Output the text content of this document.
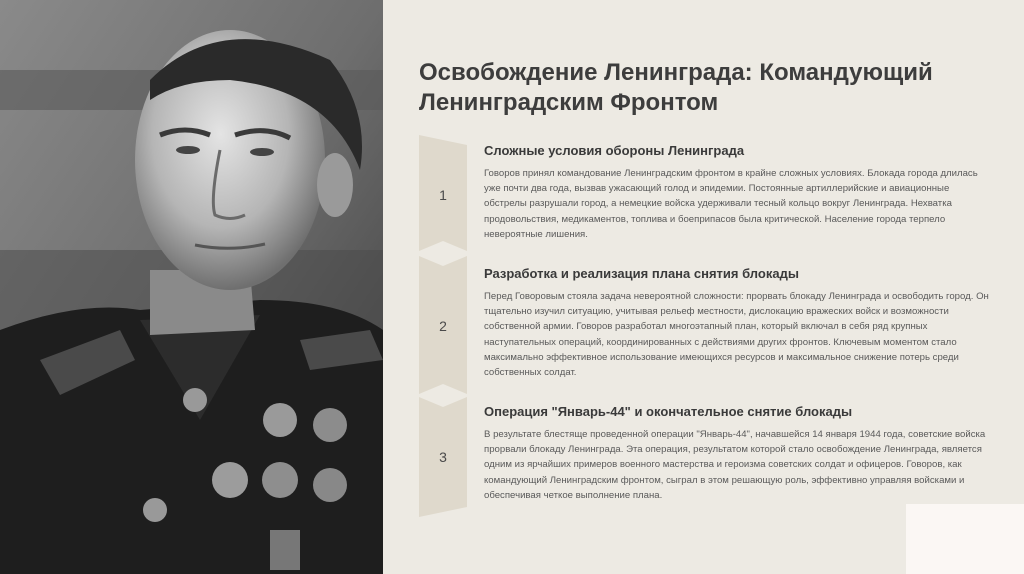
Освобождение Ленинграда: Командующий Ленинградским Фронтом
1
Сложные условия обороны Ленинграда
Говоров принял командование Ленинградским фронтом в крайне сложных условиях. Блокада города длилась уже почти два года, вызвав ужасающий голод и эпидемии. Постоянные артиллерийские и авиационные обстрелы разрушали город, а немецкие войска удерживали тесный кольцо вокруг Ленинграда. Нехватка продовольствия, медикаментов, топлива и боеприпасов была критической. Население города терпело невероятные лишения.
2
Разработка и реализация плана снятия блокады
Перед Говоровым стояла задача невероятной сложности: прорвать блокаду Ленинграда и освободить город. Он тщательно изучил ситуацию, учитывая рельеф местности, дислокацию вражеских войск и возможности собственной армии. Говоров разработал многоэтапный план, который включал в себя ряд крупных наступательных операций, координированных с действиями других фронтов. Ключевым моментом стало максимально эффективное использование имеющихся ресурсов и максимальное снижение потерь среди собственных солдат.
3
Операция "Январь-44" и окончательное снятие блокады
В результате блестяще проведенной операции "Январь-44", начавшейся 14 января 1944 года, советские войска прорвали блокаду Ленинграда. Эта операция, результатом которой стало освобождение Ленинграда, является одним из ярчайших примеров военного мастерства и героизма советских солдат и офицеров. Говоров, как командующий Ленинградским фронтом, сыграл в этом решающую роль, эффективно управляя войсками и обеспечивая четкое выполнение плана.
